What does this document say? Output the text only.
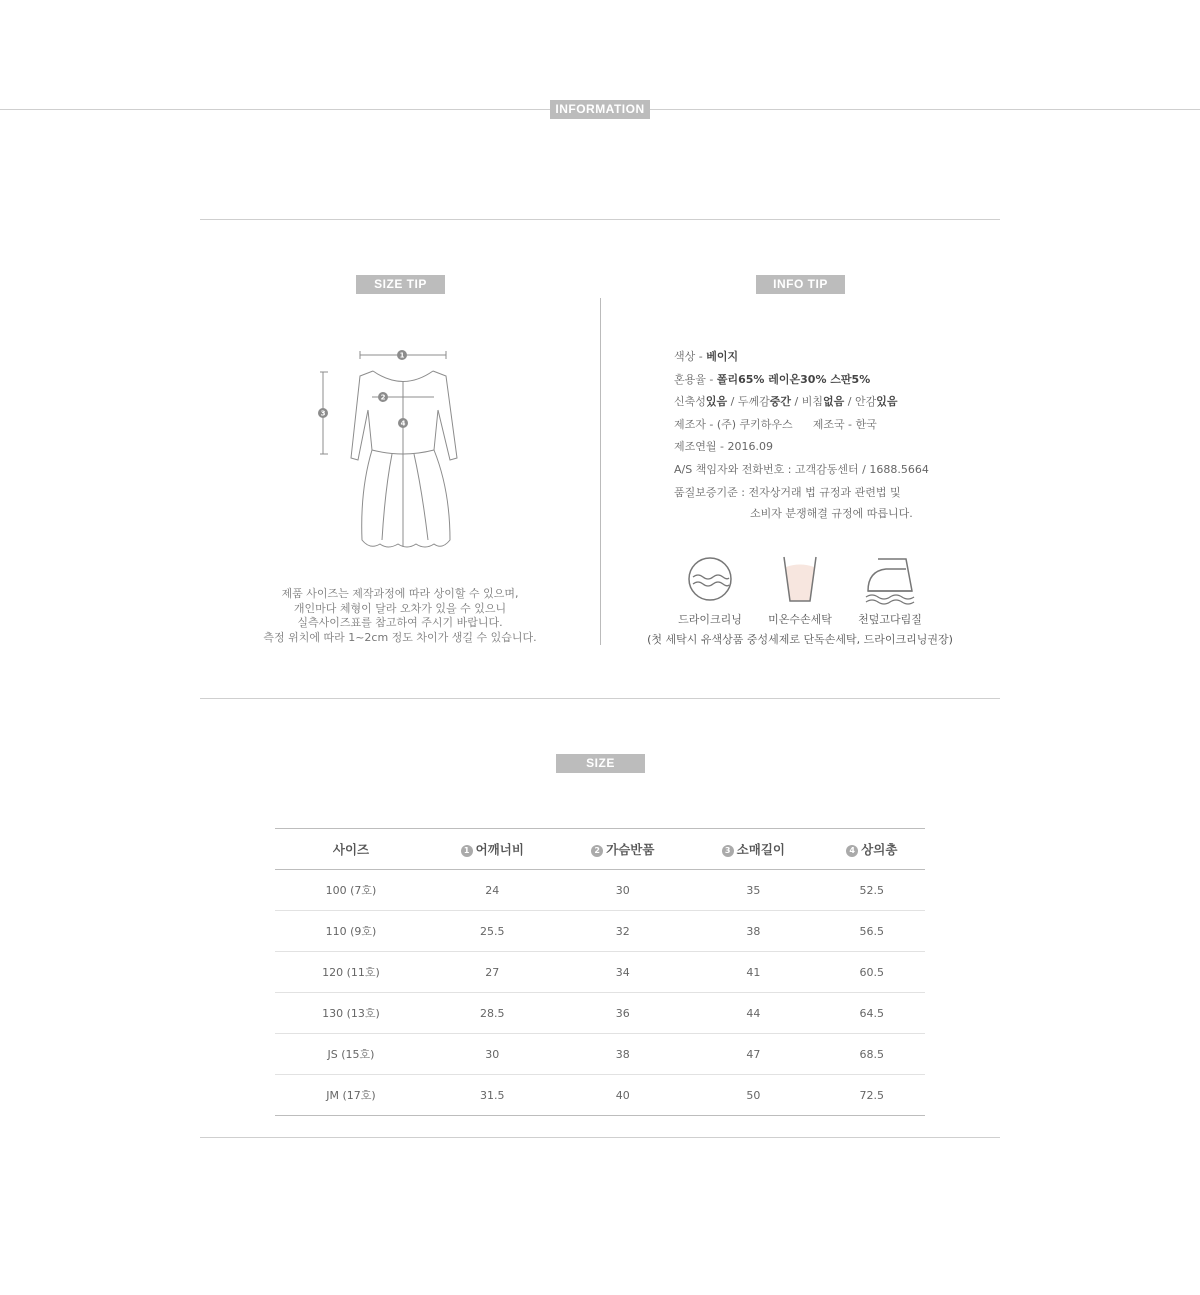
INFORMATION
SIZE TIP
1
3
2
4
제품 사이즈는 제작과정에 따라 상이할 수 있으며,
개인마다 체형이 달라 오차가 있을 수 있으니
실측사이즈표를 참고하여 주시기 바랍니다.
측정 위치에 따라 1~2cm 정도 차이가 생길 수 있습니다.
INFO TIP
색상 - 베이지
혼용율 - 폴리65% 레이온30% 스판5%
신축성있음 / 두께감중간 / 비침없음 / 안감있음
제조자 - (주) 쿠키하우스 제조국 - 한국
제조연월 - 2016.09
A/S 책임자와 전화번호 : 고객감동센터 / 1688.5664
품질보증기준 : 전자상거래 법 규정과 관련법 및
소비자 분쟁해결 규정에 따릅니다.
드라이크리닝	미온수손세탁	천덮고다림질
(첫 세탁시 유색상품 중성세제로 단독손세탁, 드라이크리닝권장)
SIZE
사이즈	1 어깨너비	2 가슴반품	3 소매길이	4 상의총
100 (7호)	24	30	35	52.5
110 (9호)	25.5	32	38	56.5
120 (11호)	27	34	41	60.5
130 (13호)	28.5	36	44	64.5
JS (15호)	30	38	47	68.5
JM (17호)	31.5	40	50	72.5
